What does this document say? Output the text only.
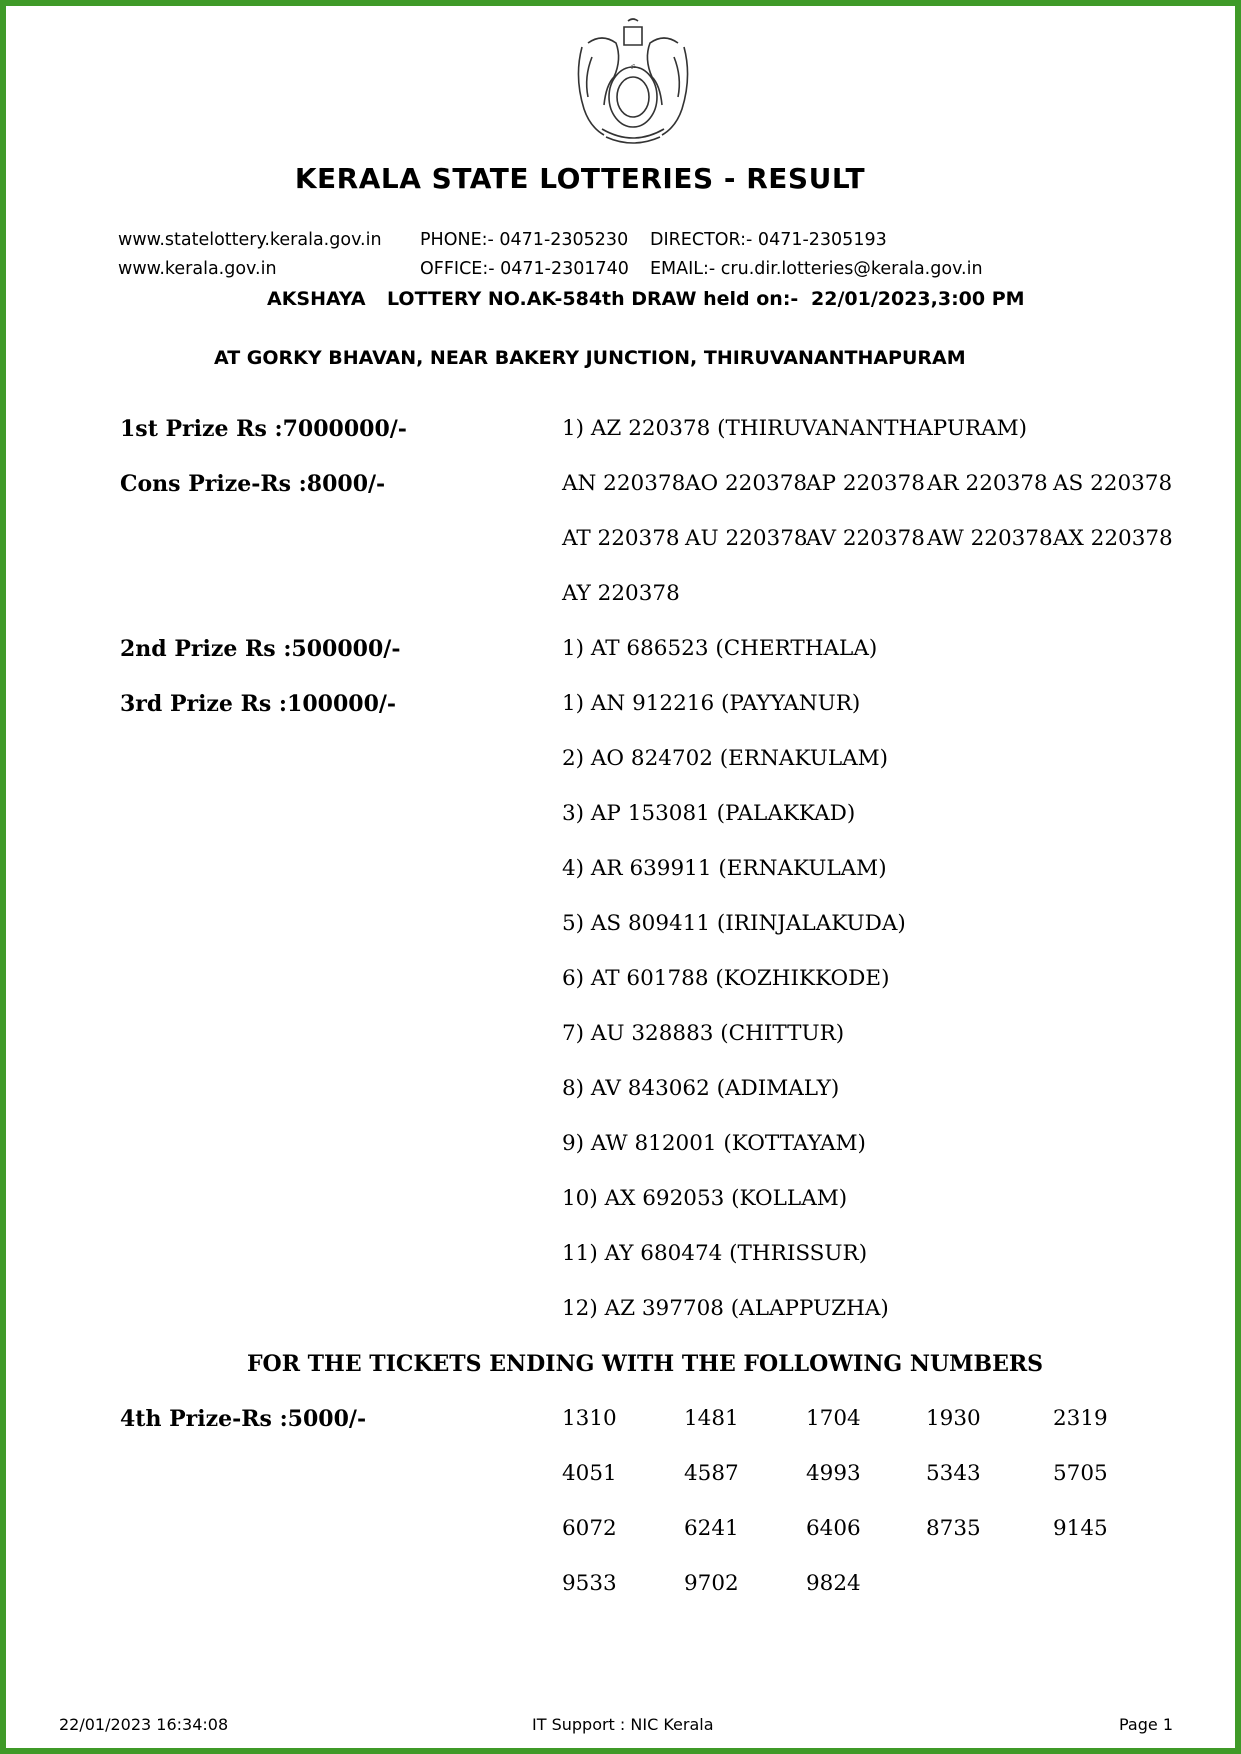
ॐ
KERALA STATE LOTTERIES - RESULT
www.statelottery.kerala.gov.in
www.kerala.gov.in
PHONE:- 0471-2305230
OFFICE:- 0471-2301740
DIRECTOR:- 0471-2305193
EMAIL:- cru.dir.lotteries@kerala.gov.in
AKSHAYA LOTTERY NO.AK-584th DRAW held on:- 22/01/2023,3:00 PM
AT GORKY BHAVAN, NEAR BAKERY JUNCTION, THIRUVANANTHAPURAM
1st Prize Rs :7000000/-	1) AZ 220378 (THIRUVANANTHAPURAM)
Cons Prize-Rs :8000/-	AN 220378 AO 220378
AP 220378 AR 220378 AS 220378
AT 220378 AU 220378
AV 220378 AW 220378 AX 220378
AY 220378
2nd Prize Rs :500000/-	1) AT 686523 (CHERTHALA)
3rd Prize Rs :100000/-	1) AN 912216 (PAYYANUR)
2) AO 824702 (ERNAKULAM)
3) AP 153081 (PALAKKAD)
4) AR 639911 (ERNAKULAM)
5) AS 809411 (IRINJALAKUDA)
6) AT 601788 (KOZHIKKODE)
7) AU 328883 (CHITTUR)
8) AV 843062 (ADIMALY)
9) AW 812001 (KOTTAYAM)
10) AX 692053 (KOLLAM)
11) AY 680474 (THRISSUR)
12) AZ 397708 (ALAPPUZHA)
FOR THE TICKETS ENDING WITH THE FOLLOWING NUMBERS
4th Prize-Rs :5000/-	1310	1481	1704	1930	2319
4051	4587	4993	5343	5705
6072	6241	6406	8735	9145
9533	9702	9824
22/01/2023 16:34:08	IT Support : NIC Kerala	Page 1
